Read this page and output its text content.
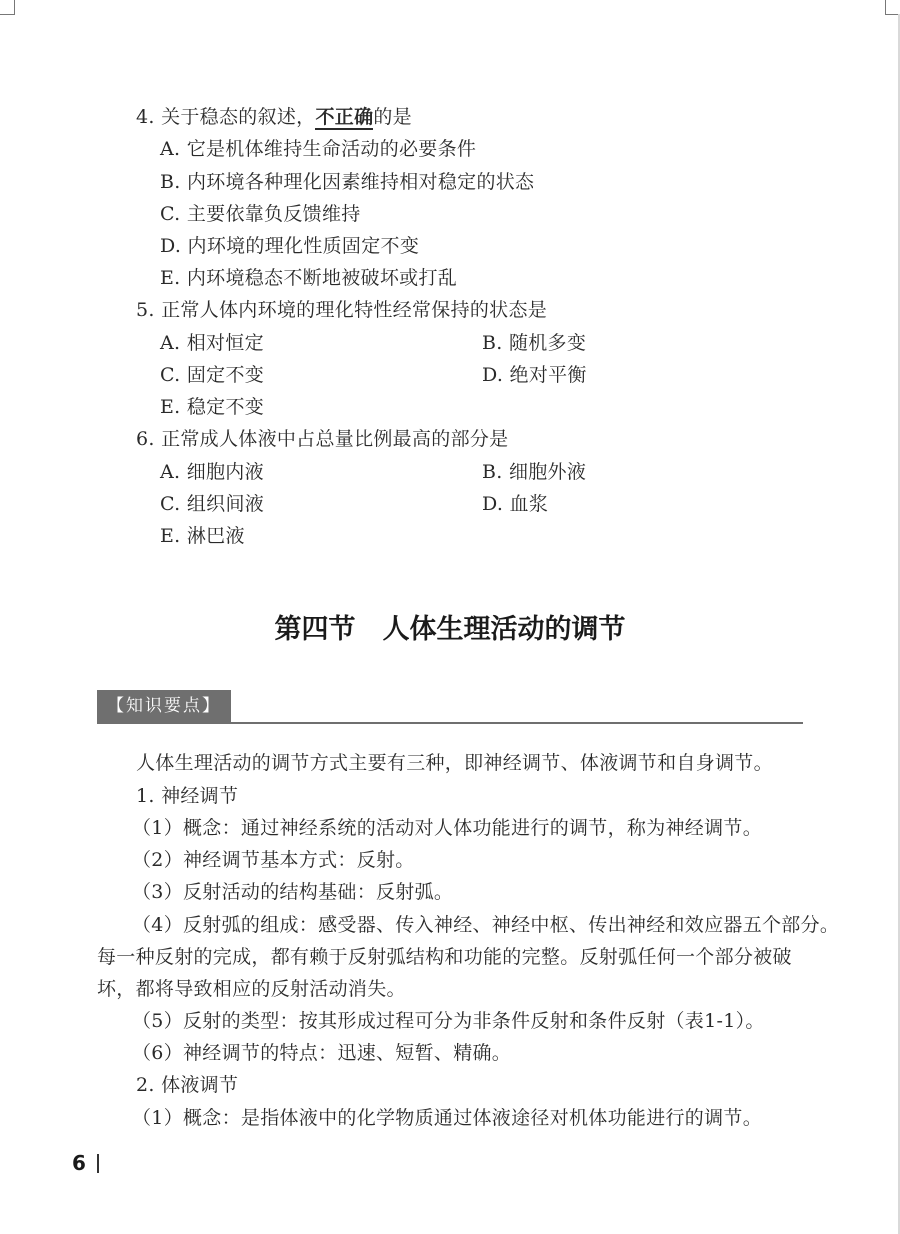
4. 关于稳态的叙述，不正确的是
A. 它是机体维持生命活动的必要条件
B. 内环境各种理化因素维持相对稳定的状态
C. 主要依靠负反馈维持
D. 内环境的理化性质固定不变
E. 内环境稳态不断地被破坏或打乱
5. 正常人体内环境的理化特性经常保持的状态是
A. 相对恒定	B. 随机多变
C. 固定不变	D. 绝对平衡
E. 稳定不变
6. 正常成人体液中占总量比例最高的部分是
A. 细胞内液	B. 细胞外液
C. 组织间液	D. 血浆
E. 淋巴液
第四节　人体生理活动的调节
【知识要点】
人体生理活动的调节方式主要有三种，即神经调节、体液调节和自身调节。
1. 神经调节
（1）概念：通过神经系统的活动对人体功能进行的调节，称为神经调节。
（2）神经调节基本方式：反射。
（3）反射活动的结构基础：反射弧。
（4）反射弧的组成：感受器、传入神经、神经中枢、传出神经和效应器五个部分。
每一种反射的完成，都有赖于反射弧结构和功能的完整。反射弧任何一个部分被破
坏，都将导致相应的反射活动消失。
（5）反射的类型：按其形成过程可分为非条件反射和条件反射（表1-1）。
（6）神经调节的特点：迅速、短暂、精确。
2. 体液调节
（1）概念：是指体液中的化学物质通过体液途径对机体功能进行的调节。
6
